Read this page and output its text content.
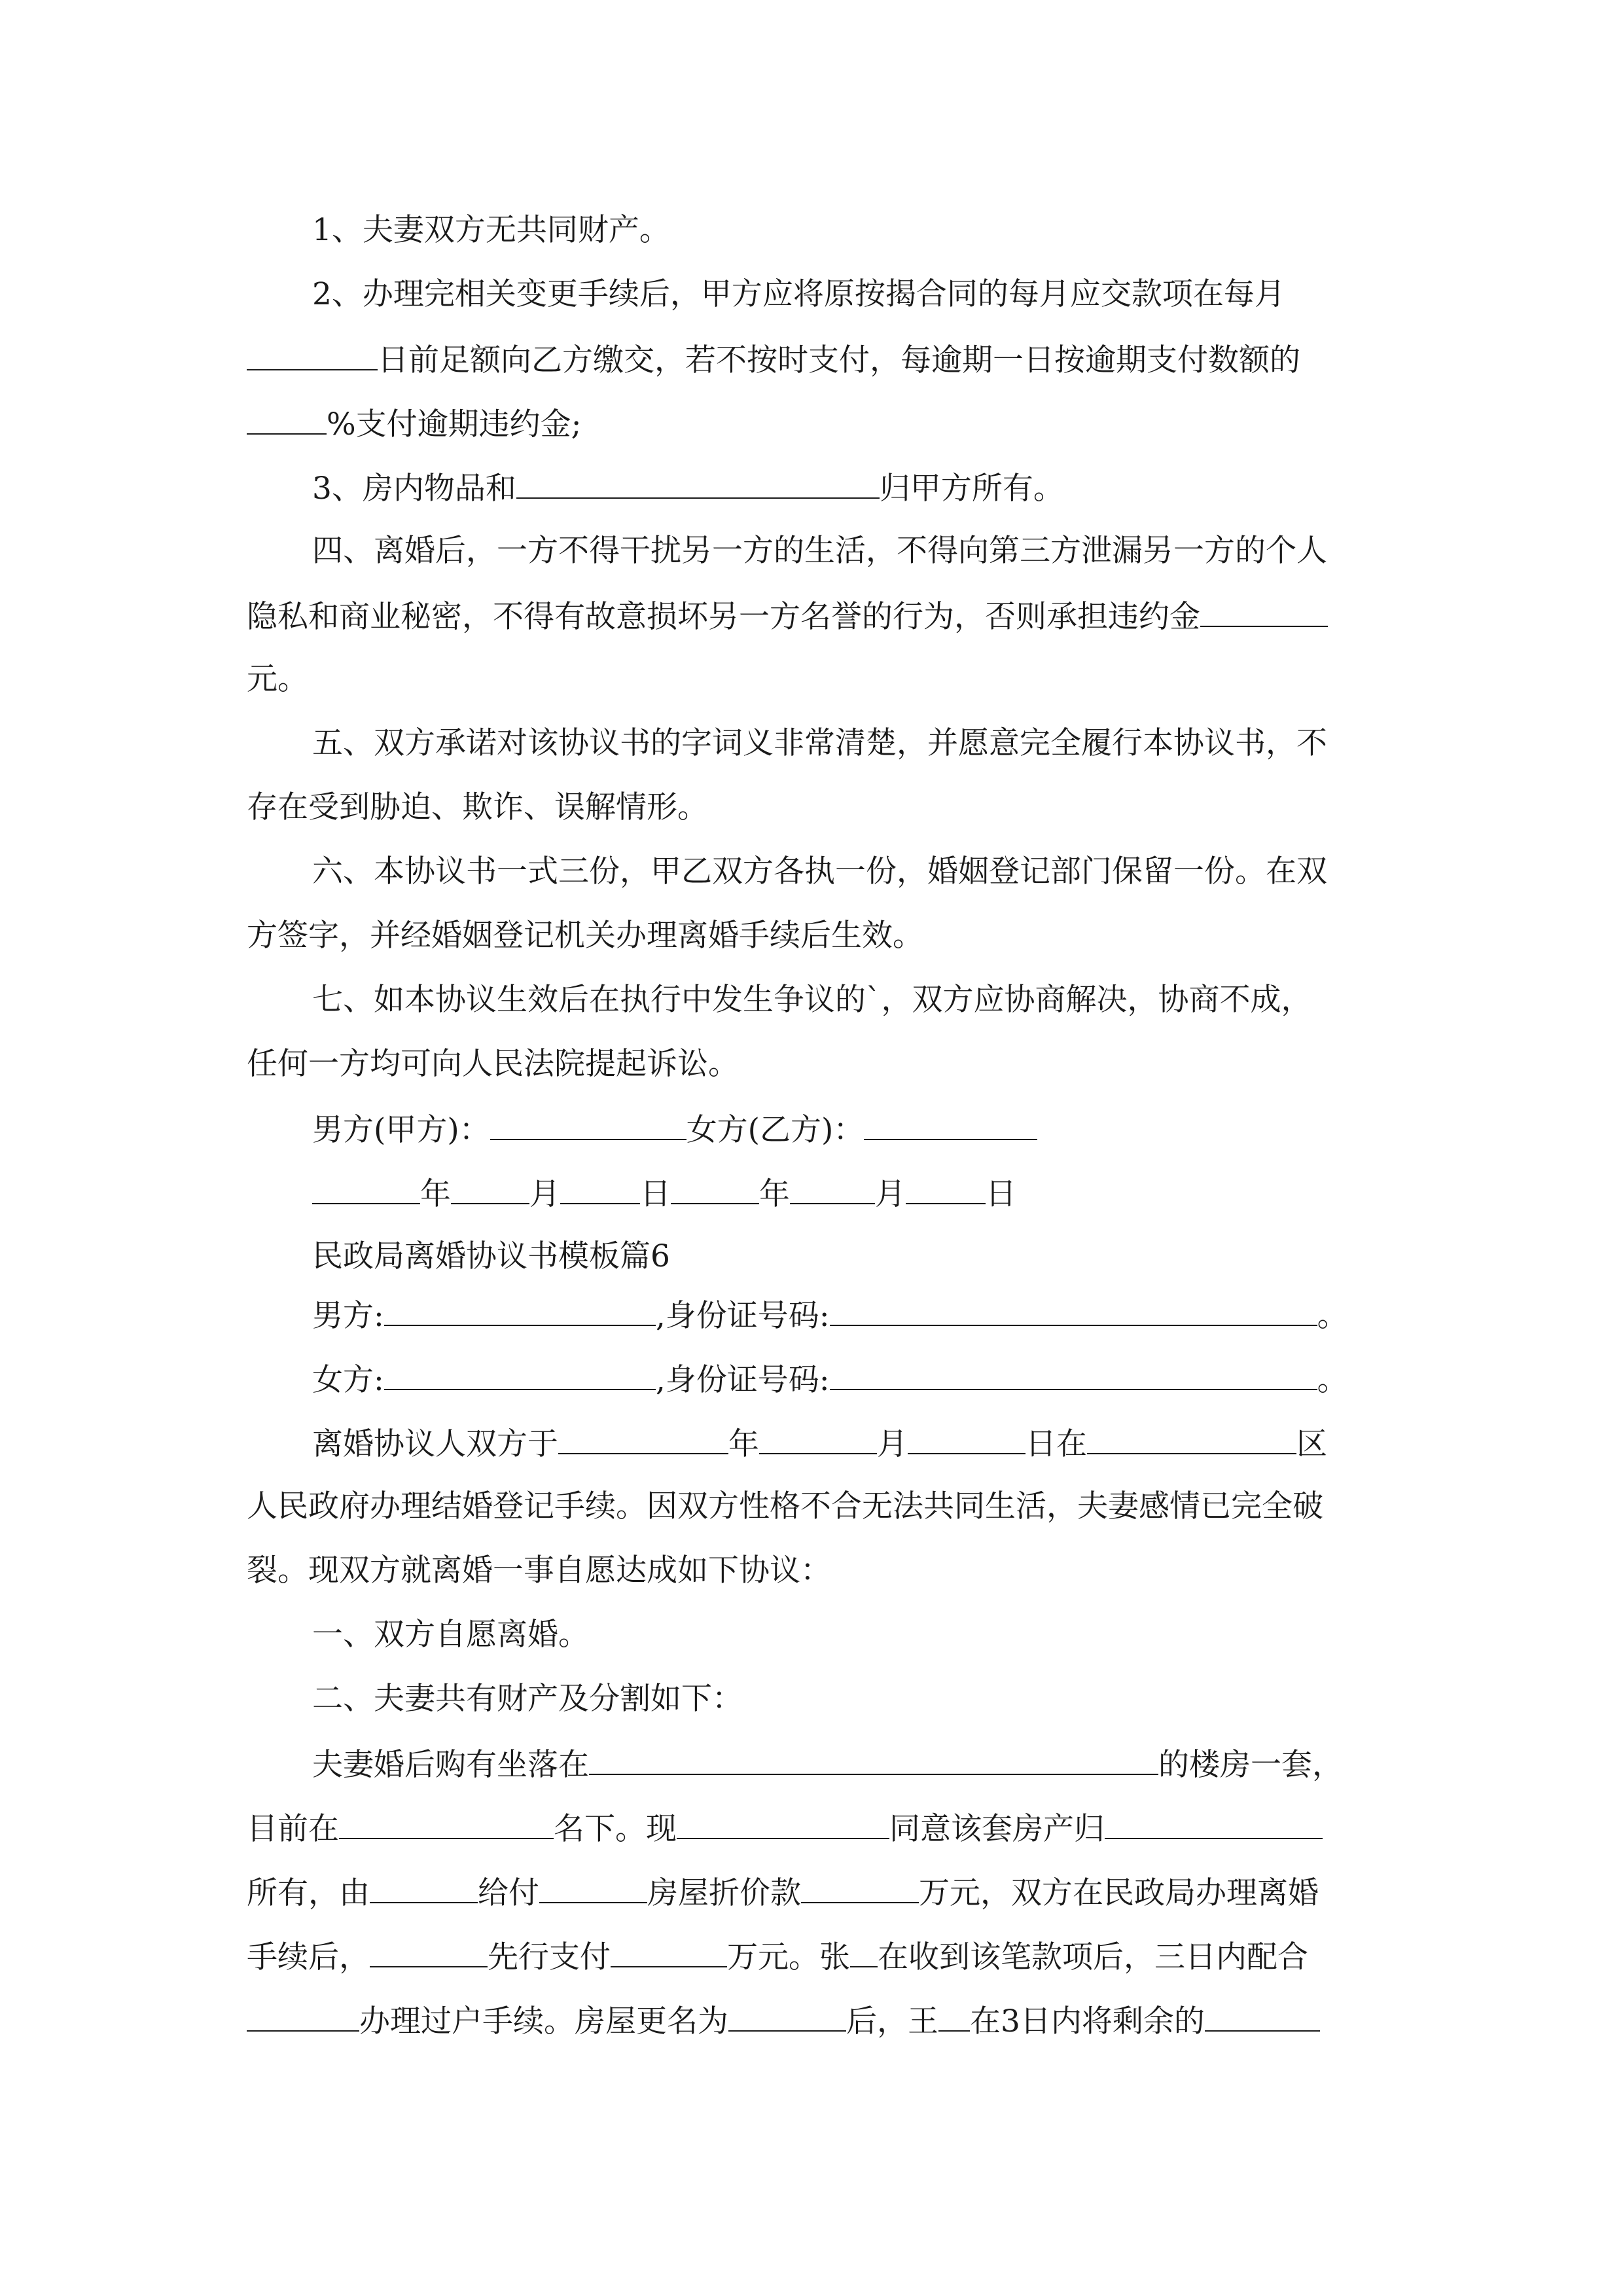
1、夫妻双方无共同财产。
2、办理完相关变更手续后，甲方应将原按揭合同的每月应交款项在每月
日前足额向乙方缴交，若不按时支付，每逾期一日按逾期支付数额的
%支付逾期违约金;
3、房内物品和	归甲方所有。
四、离婚后，一方不得干扰另一方的生活，不得向第三方泄漏另一方的个人
隐私和商业秘密，不得有故意损坏另一方名誉的行为，否则承担违约金
元。
五、双方承诺对该协议书的字词义非常清楚，并愿意完全履行本协议书，不
存在受到胁迫、欺诈、误解情形。
六、本协议书一式三份，甲乙双方各执一份，婚姻登记部门保留一份。在双
方签字，并经婚姻登记机关办理离婚手续后生效。
七、如本协议生效后在执行中发生争议的`，双方应协商解决，协商不成，
任何一方均可向人民法院提起诉讼。
男方(甲方)：	女方(乙方)：
年	月	日	年	月	日
民政局离婚协议书模板篇6
男方:	,身份证号码:	。
女方:	,身份证号码:	。
离婚协议人双方于	年	月	日在	区
人民政府办理结婚登记手续。因双方性格不合无法共同生活，夫妻感情已完全破
裂。现双方就离婚一事自愿达成如下协议：
一、双方自愿离婚。
二、夫妻共有财产及分割如下：
夫妻婚后购有坐落在	的楼房一套，
目前在	名下。现	同意该套房产归
所有，由	给付	房屋折价款	万元，双方在民政局办理离婚
手续后，	先行支付	万元。张 在收到该笔款项后，三日内配合
办理过户手续。房屋更名为	后，王 在3日内将剩余的
